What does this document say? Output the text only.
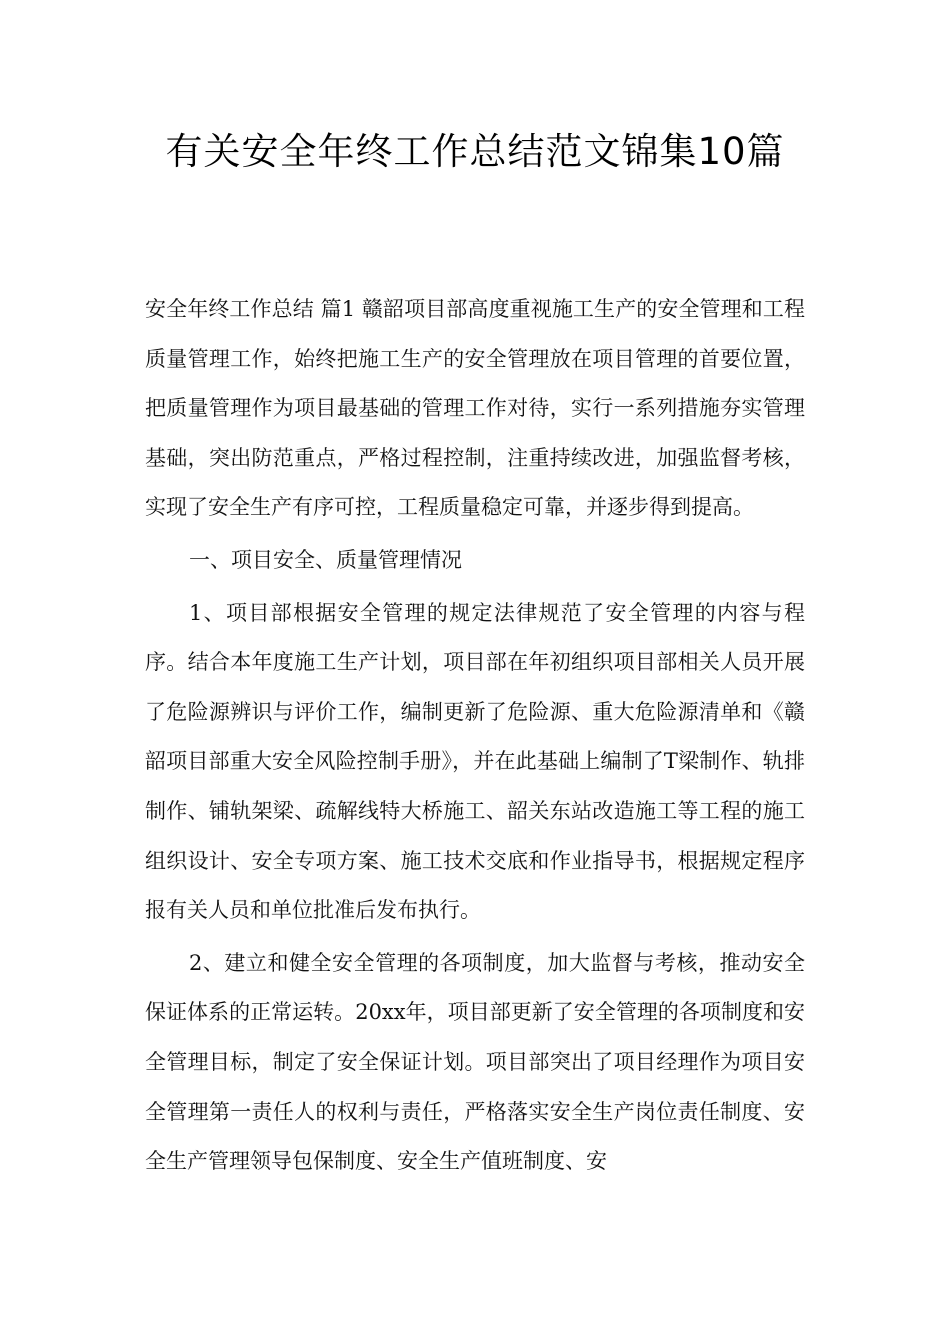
有关安全年终工作总结范文锦集10篇

安全年终工作总结 篇1 赣韶项目部高度重视施工生产的安全管理和工程质量管理工作，始终把施工生产的安全管理放在项目管理的首要位置，把质量管理作为项目最基础的管理工作对待，实行一系列措施夯实管理基础，突出防范重点，严格过程控制，注重持续改进，加强监督考核，实现了安全生产有序可控，工程质量稳定可靠，并逐步得到提高。

一、项目安全、质量管理情况

1、项目部根据安全管理的规定法律规范了安全管理的内容与程序。结合本年度施工生产计划，项目部在年初组织项目部相关人员开展了危险源辨识与评价工作，编制更新了危险源、重大危险源清单和《赣韶项目部重大安全风险控制手册》，并在此基础上编制了T梁制作、轨排制作、铺轨架梁、疏解线特大桥施工、韶关东站改造施工等工程的施工组织设计、安全专项方案、施工技术交底和作业指导书，根据规定程序报有关人员和单位批准后发布执行。

2、建立和健全安全管理的各项制度，加大监督与考核，推动安全保证体系的正常运转。20xx年，项目部更新了安全管理的各项制度和安全管理目标，制定了安全保证计划。项目部突出了项目经理作为项目安全管理第一责任人的权利与责任，严格落实安全生产岗位责任制度、安全生产管理领导包保制度、安全生产值班制度、安
